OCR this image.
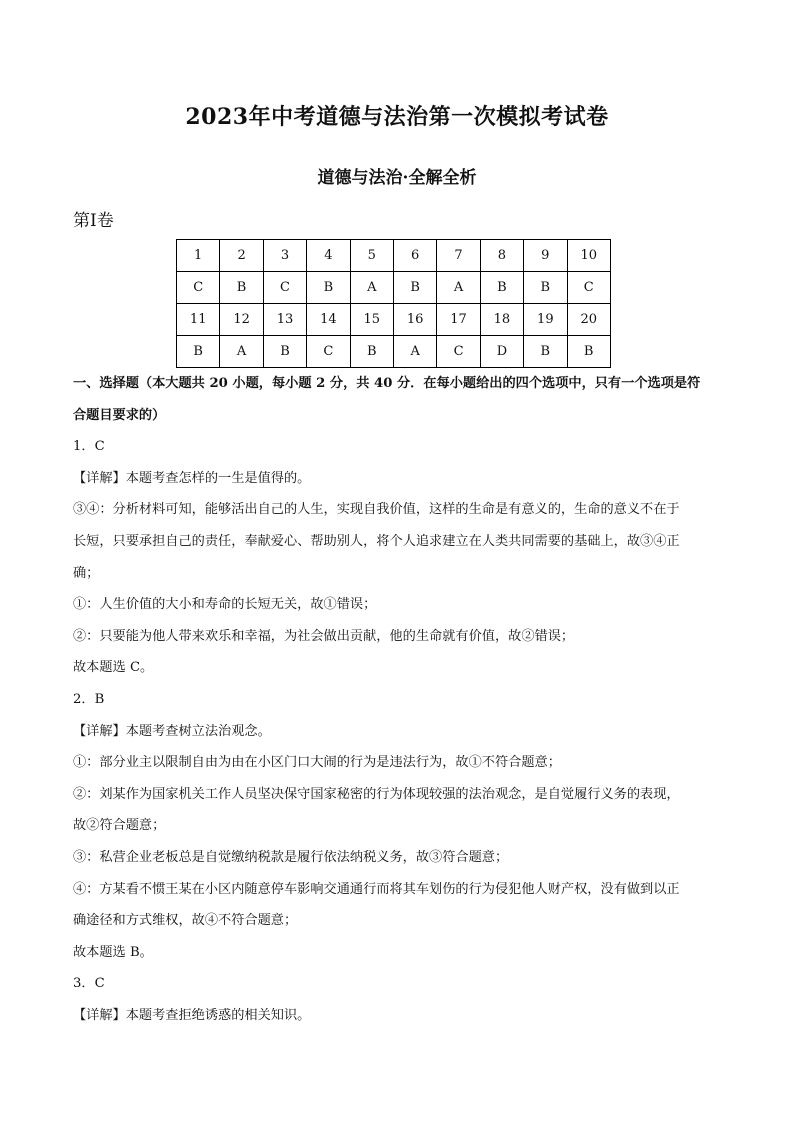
2023年中考道德与法治第一次模拟考试卷
道德与法治·全解全析
第Ⅰ卷
1	2	3	4	5	6	7	8	9	10
C	B	C	B	A	B	A	B	B	C
11	12	13	14	15	16	17	18	19	20
B	A	B	C	B	A	C	D	B	B

一、选择题（本大题共 20 小题，每小题 2 分，共 40 分．在每小题给出的四个选项中，只有一个选项是符

合题目要求的）

1．C

【详解】本题考查怎样的一生是值得的。

③④：分析材料可知，能够活出自己的人生，实现自我价值，这样的生命是有意义的，生命的意义不在于

长短，只要承担自己的责任，奉献爱心、帮助别人，将个人追求建立在人类共同需要的基础上，故③④正

确；

①：人生价值的大小和寿命的长短无关，故①错误；

②：只要能为他人带来欢乐和幸福，为社会做出贡献，他的生命就有价值，故②错误；

故本题选 C。

2．B

【详解】本题考查树立法治观念。

①：部分业主以限制自由为由在小区门口大闹的行为是违法行为，故①不符合题意；

②：刘某作为国家机关工作人员坚决保守国家秘密的行为体现较强的法治观念，是自觉履行义务的表现，

故②符合题意；

③：私营企业老板总是自觉缴纳税款是履行依法纳税义务，故③符合题意；

④：方某看不惯王某在小区内随意停车影响交通通行而将其车划伤的行为侵犯他人财产权，没有做到以正

确途径和方式维权，故④不符合题意；

故本题选 B。

3．C

【详解】本题考查拒绝诱惑的相关知识。
